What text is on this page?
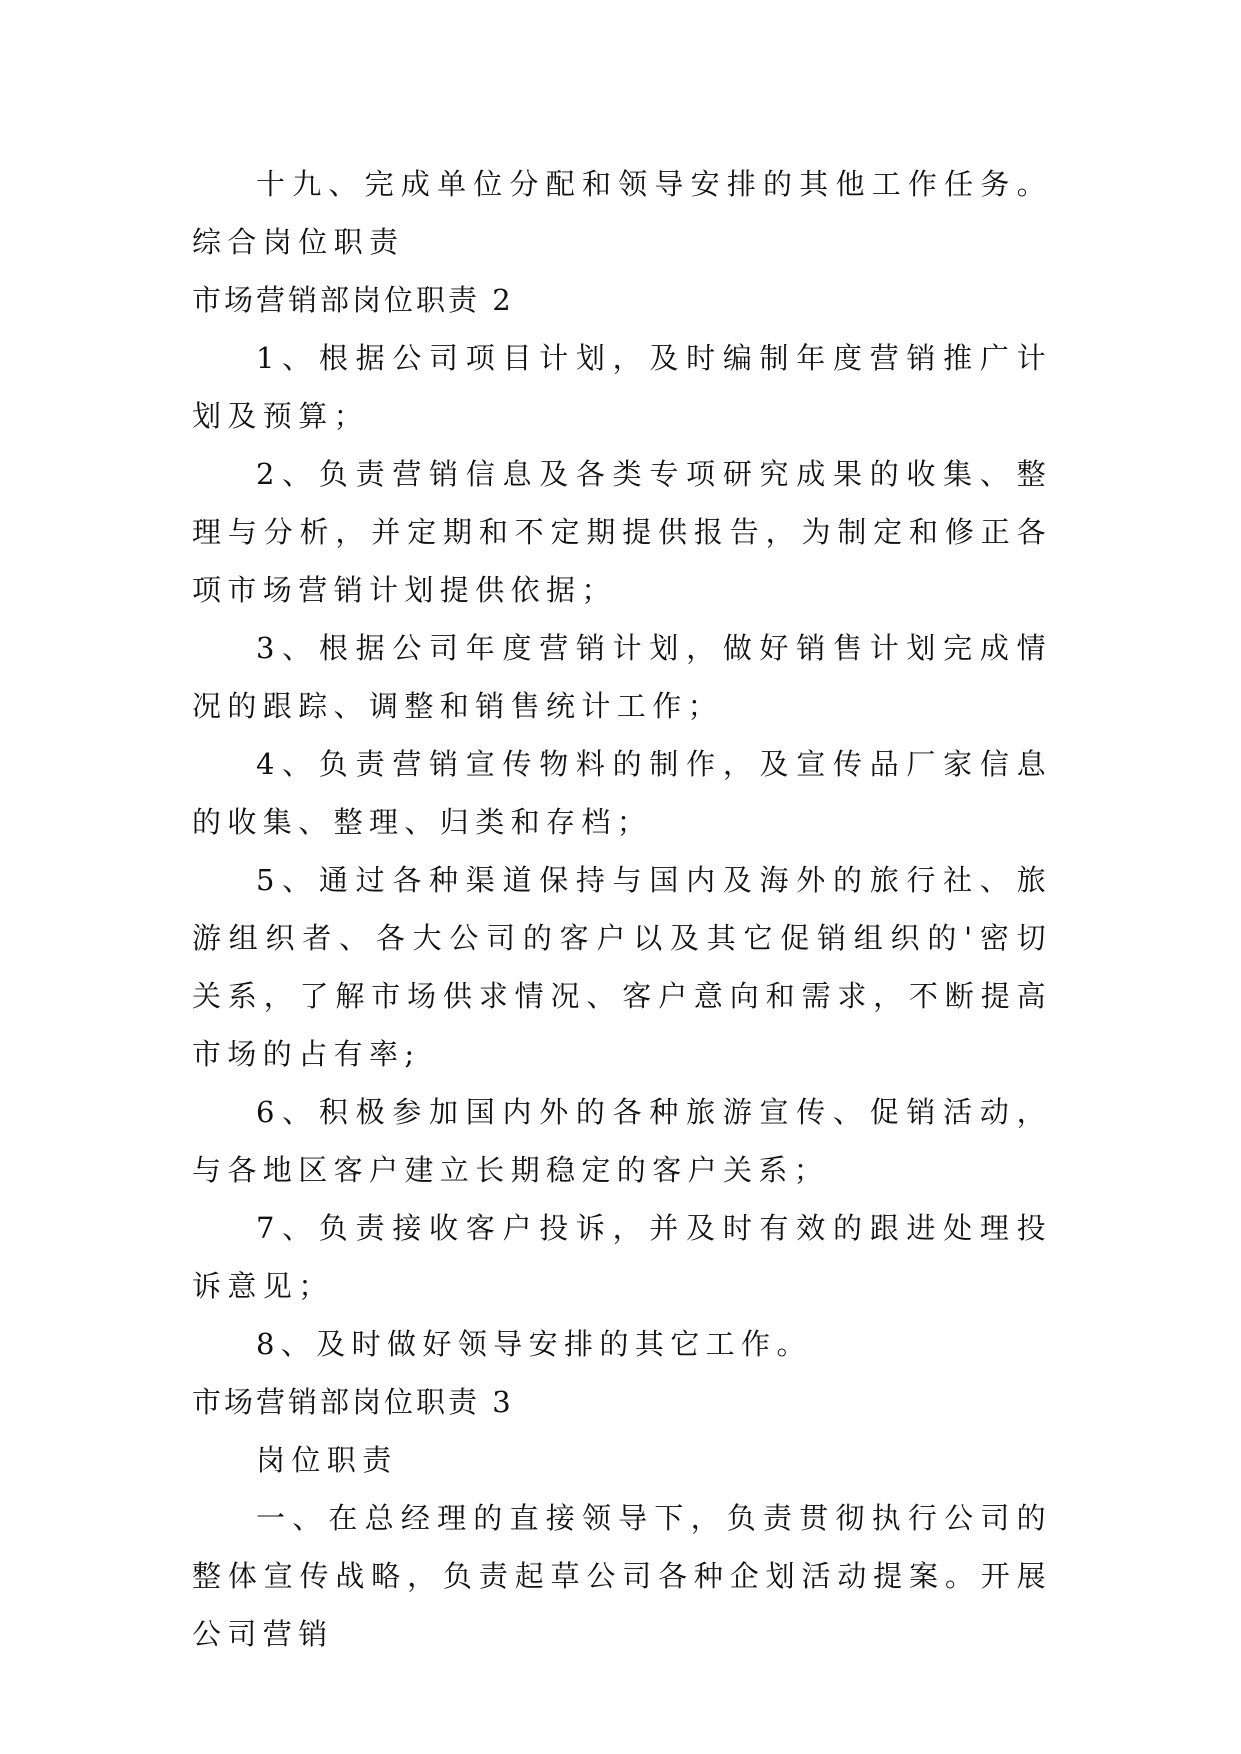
十九、完成单位分配和领导安排的其他工作任务。 综合岗位职责

市场营销部岗位职责 2

1、根据公司项目计划，及时编制年度营销推广计划及预算；

2、负责营销信息及各类专项研究成果的收集、整理与分析，并定期和不定期提供报告，为制定和修正各项市场营销计划提供依据；

3、根据公司年度营销计划，做好销售计划完成情况的跟踪、调整和销售统计工作；

4、负责营销宣传物料的制作，及宣传品厂家信息的收集、整理、归类和存档；

5、通过各种渠道保持与国内及海外的旅行社、旅游组织者、各大公司的客户以及其它促销组织的'密切关系，了解市场供求情况、客户意向和需求，不断提高市场的占有率;

6、积极参加国内外的各种旅游宣传、促销活动，与各地区客户建立长期稳定的客户关系；

7、负责接收客户投诉，并及时有效的跟进处理投诉意见；

8、及时做好领导安排的其它工作。

市场营销部岗位职责 3

岗位职责

一、在总经理的直接领导下，负责贯彻执行公司的整体宣传战略，负责起草公司各种企划活动提案。开展公司营销
